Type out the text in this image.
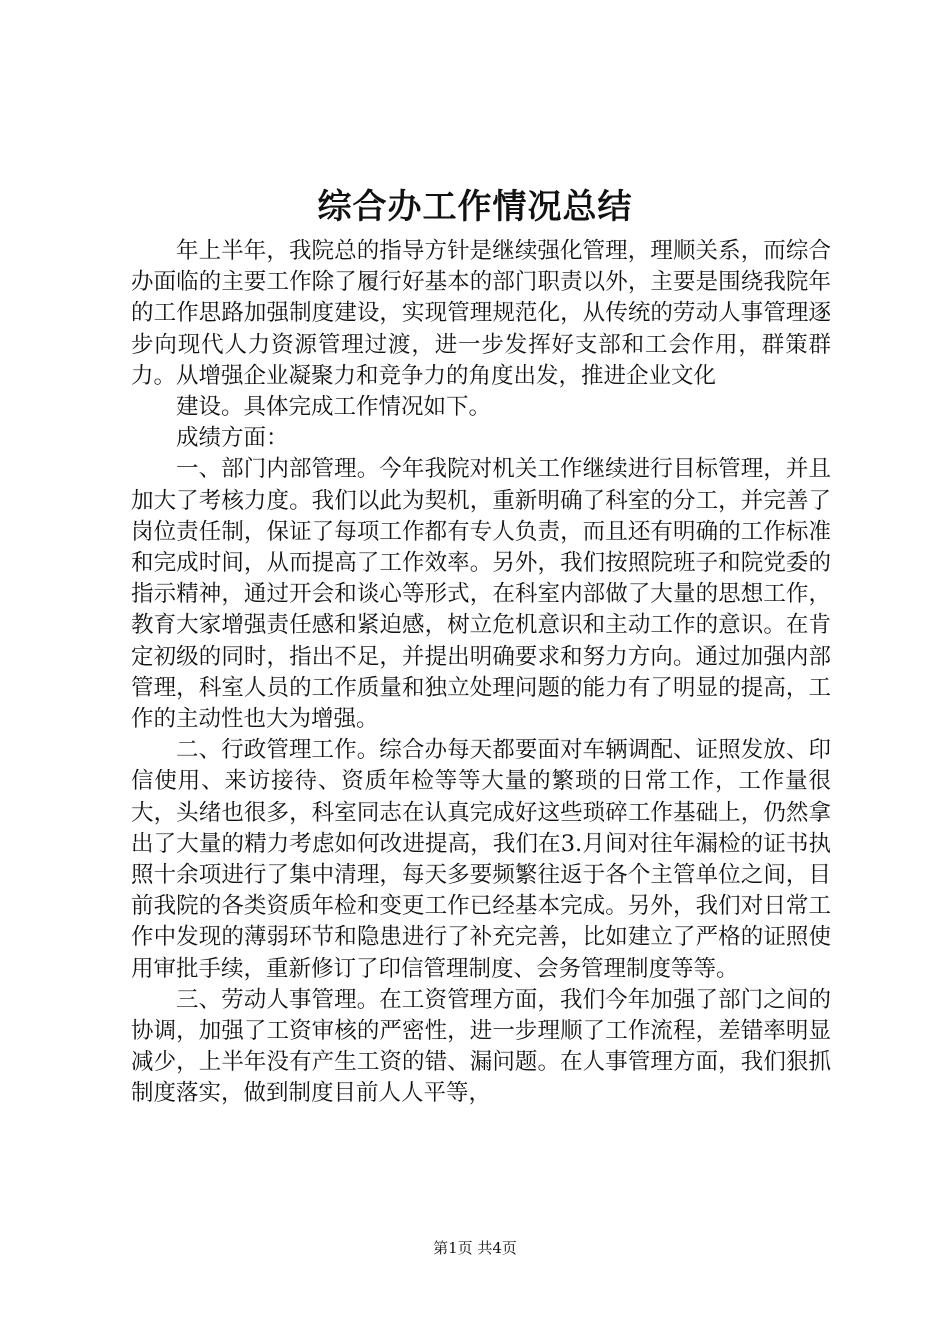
综合办工作情况总结

年上半年，我院总的指导方针是继续强化管理，理顺关系，而综合办面临的主要工作除了履行好基本的部门职责以外，主要是围绕我院年的工作思路加强制度建设，实现管理规范化，从传统的劳动人事管理逐步向现代人力资源管理过渡，进一步发挥好支部和工会作用，群策群力。从增强企业凝聚力和竞争力的角度出发，推进企业文化

建设。具体完成工作情况如下。

成绩方面：

一、部门内部管理。今年我院对机关工作继续进行目标管理，并且加大了考核力度。我们以此为契机，重新明确了科室的分工，并完善了岗位责任制，保证了每项工作都有专人负责，而且还有明确的工作标准和完成时间，从而提高了工作效率。另外，我们按照院班子和院党委的指示精神，通过开会和谈心等形式，在科室内部做了大量的思想工作，教育大家增强责任感和紧迫感，树立危机意识和主动工作的意识。在肯定初级的同时，指出不足，并提出明确要求和努力方向。通过加强内部管理，科室人员的工作质量和独立处理问题的能力有了明显的提高，工作的主动性也大为增强。

二、行政管理工作。综合办每天都要面对车辆调配、证照发放、印信使用、来访接待、资质年检等等大量的繁琐的日常工作，工作量很大，头绪也很多，科室同志在认真完成好这些琐碎工作基础上，仍然拿出了大量的精力考虑如何改进提高，我们在3.月间对往年漏检的证书执照十余项进行了集中清理，每天多要频繁往返于各个主管单位之间，目前我院的各类资质年检和变更工作已经基本完成。另外，我们对日常工作中发现的薄弱环节和隐患进行了补充完善，比如建立了严格的证照使用审批手续，重新修订了印信管理制度、会务管理制度等等。

三、劳动人事管理。在工资管理方面，我们今年加强了部门之间的协调，加强了工资审核的严密性，进一步理顺了工作流程，差错率明显减少，上半年没有产生工资的错、漏问题。在人事管理方面，我们狠抓制度落实，做到制度目前人人平等，

第1页 共4页
